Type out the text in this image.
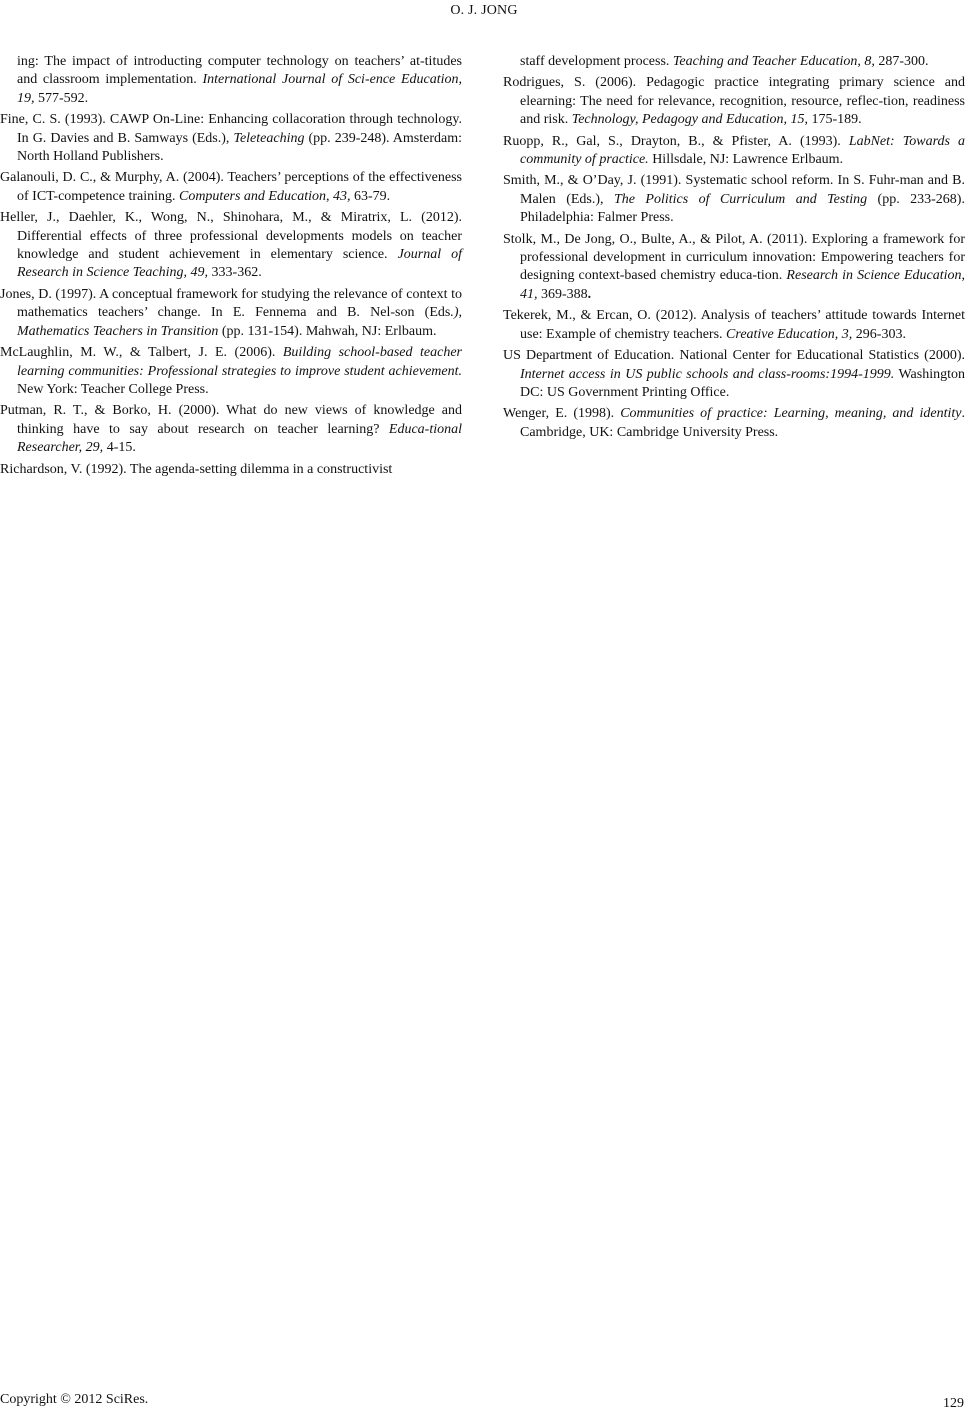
O. J. JONG

ing: The impact of introducting computer technology on teachers’ at-titudes and classroom implementation. International Journal of Sci-ence Education, 19, 577-592.

Fine, C. S. (1993). CAWP On-Line: Enhancing collacoration through technology. In G. Davies and B. Samways (Eds.), Teleteaching (pp. 239-248). Amsterdam: North Holland Publishers.

Galanouli, D. C., & Murphy, A. (2004). Teachers’ perceptions of the effectiveness of ICT-competence training. Computers and Education, 43, 63-79.

Heller, J., Daehler, K., Wong, N., Shinohara, M., & Miratrix, L. (2012). Differential effects of three professional developments models on teacher knowledge and student achievement in elementary science. Journal of Research in Science Teaching, 49, 333-362.

Jones, D. (1997). A conceptual framework for studying the relevance of context to mathematics teachers’ change. In E. Fennema and B. Nel-son (Eds.), Mathematics Teachers in Transition (pp. 131-154). Mahwah, NJ: Erlbaum.

McLaughlin, M. W., & Talbert, J. E. (2006). Building school-based teacher learning communities: Professional strategies to improve student achievement. New York: Teacher College Press.

Putman, R. T., & Borko, H. (2000). What do new views of knowledge and thinking have to say about research on teacher learning? Educa-tional Researcher, 29, 4-15.

Richardson, V. (1992). The agenda-setting dilemma in a constructivist

staff development process. Teaching and Teacher Education, 8, 287-300.

Rodrigues, S. (2006). Pedagogic practice integrating primary science and elearning: The need for relevance, recognition, resource, reflec-tion, readiness and risk. Technology, Pedagogy and Education, 15, 175-189.

Ruopp, R., Gal, S., Drayton, B., & Pfister, A. (1993). LabNet: Towards a community of practice. Hillsdale, NJ: Lawrence Erlbaum.

Smith, M., & O’Day, J. (1991). Systematic school reform. In S. Fuhr-man and B. Malen (Eds.), The Politics of Curriculum and Testing (pp. 233-268). Philadelphia: Falmer Press.

Stolk, M., De Jong, O., Bulte, A., & Pilot, A. (2011). Exploring a framework for professional development in curriculum innovation: Empowering teachers for designing context-based chemistry educa-tion. Research in Science Education, 41, 369-388.

Tekerek, M., & Ercan, O. (2012). Analysis of teachers’ attitude towards Internet use: Example of chemistry teachers. Creative Education, 3, 296-303.

US Department of Education. National Center for Educational Statistics (2000). Internet access in US public schools and class-rooms:1994-1999. Washington DC: US Government Printing Office.

Wenger, E. (1998). Communities of practice: Learning, meaning, and identity. Cambridge, UK: Cambridge University Press.

Copyright © 2012 SciRes.	129
